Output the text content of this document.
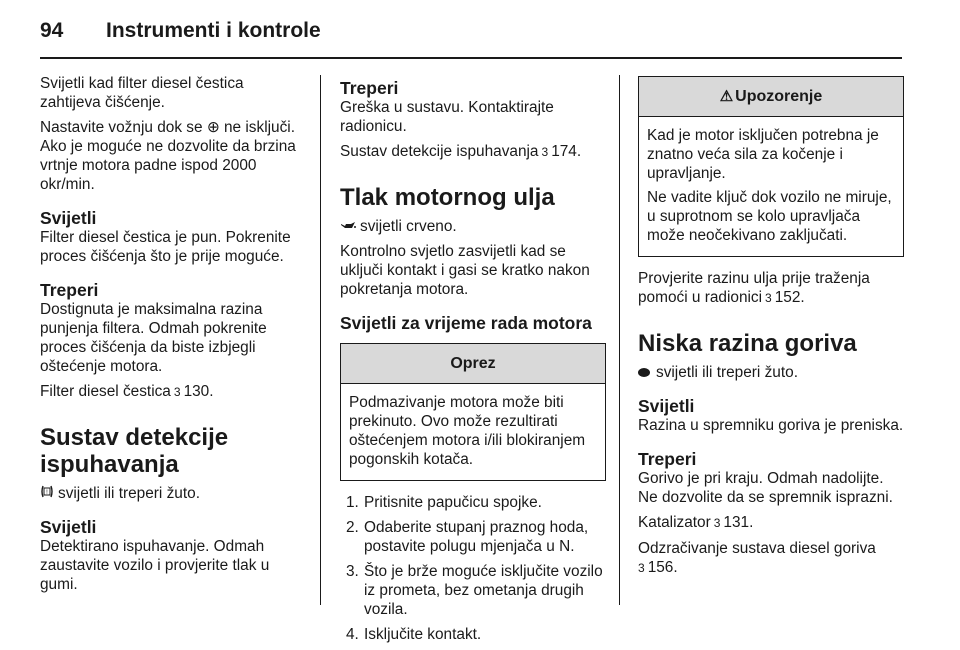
94	Instrumenti i kontrole

Svijetli kad filter diesel čestica zahtijeva čišćenje.

Nastavite vožnju dok se ⊕ ne isključi. Ako je moguće ne dozvolite da brzina vrtnje motora padne ispod 2000 okr/min.

Svijetli

Filter diesel čestica je pun. Pokrenite proces čišćenja što je prije moguće.

Treperi

Dostignuta je maksimalna razina punjenja filtera. Odmah pokrenite proces čišćenja da biste izbjegli oštećenje motora.

Filter diesel čestica 3 130.

Sustav detekcije ispuhavanja

! svijetli ili treperi žuto.

Svijetli

Detektirano ispuhavanje. Odmah zaustavite vozilo i provjerite tlak u gumi.

Treperi

Greška u sustavu. Kontaktirajte radionicu.

Sustav detekcije ispuhavanja 3 174.

Tlak motornog ulja

svijetli crveno.

Kontrolno svjetlo zasvijetli kad se uključi kontakt i gasi se kratko nakon pokretanja motora.

Svijetli za vrijeme rada motora
Oprez

Podmazivanje motora može biti prekinuto. Ovo može rezultirati oštećenjem motora i/ili blokiranjem pogonskih kotača.

1. Pritisnite papučicu spojke.
2. Odaberite stupanj praznog hoda, postavite polugu mjenjača u N.
3. Što je brže moguće isključite vozilo iz prometa, bez ometanja drugih vozila.
4. Isključite kontakt.
⚠ Upozorenje

Kad je motor isključen potrebna je znatno veća sila za kočenje i upravljanje.

Ne vadite ključ dok vozilo ne miruje, u suprotnom se kolo upravljača može neočekivano zaključati.

Provjerite razinu ulja prije traženja pomoći u radionici 3 152.

Niska razina goriva

svijetli ili treperi žuto.

Svijetli

Razina u spremniku goriva je preniska.

Treperi

Gorivo je pri kraju. Odmah nadolijte. Ne dozvolite da se spremnik isprazni.

Katalizator 3 131.

Odzračivanje sustava diesel goriva
3 156.
